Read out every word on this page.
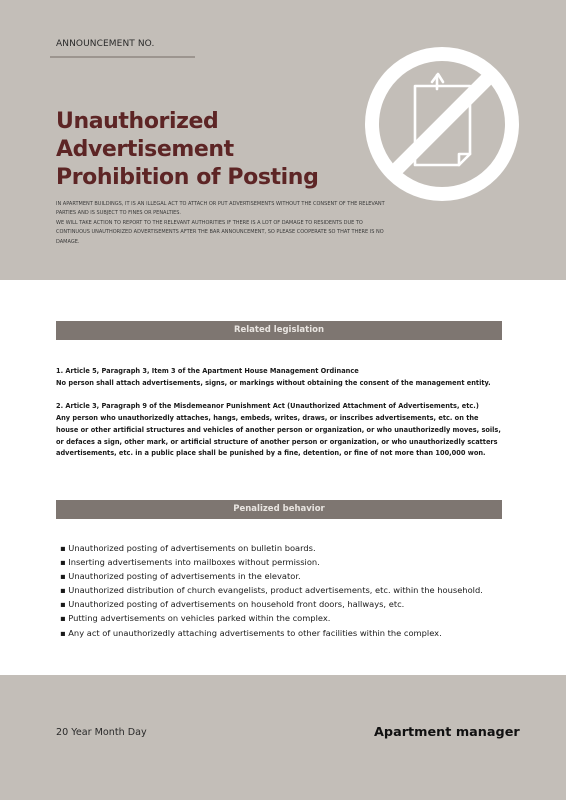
ANNOUNCEMENT NO.
Unauthorized Advertisement
Prohibition of Posting

IN APARTMENT BUILDINGS, IT IS AN ILLEGAL ACT TO ATTACH OR PUT ADVERTISEMENTS WITHOUT THE CONSENT OF THE RELEVANT PARTIES AND IS SUBJECT TO FINES OR PENALTIES.

WE WILL TAKE ACTION TO REPORT TO THE RELEVANT AUTHORITIES IF THERE IS A LOT OF DAMAGE TO RESIDENTS DUE TO CONTINUOUS UNAUTHORIZED ADVERTISEMENTS AFTER THE BAR ANNOUNCEMENT, SO PLEASE COOPERATE SO THAT THERE IS NO DAMAGE.

Related legislation

1. Article 5, Paragraph 3, Item 3 of the Apartment House Management Ordinance
No person shall attach advertisements, signs, or markings without obtaining the consent of the management entity.

2. Article 3, Paragraph 9 of the Misdemeanor Punishment Act (Unauthorized Attachment of Advertisements, etc.)
Any person who unauthorizedly attaches, hangs, embeds, writes, draws, or inscribes advertisements, etc. on the house or other artificial structures and vehicles of another person or organization, or who unauthorizedly moves, soils, or defaces a sign, other mark, or artificial structure of another person or organization, or who unauthorizedly scatters advertisements, etc. in a public place shall be punished by a fine, detention, or fine of not more than 100,000 won.

Penalized behavior
▪ Unauthorized posting of advertisements on bulletin boards.
▪ Inserting advertisements into mailboxes without permission.
▪ Unauthorized posting of advertisements in the elevator.
▪ Unauthorized distribution of church evangelists, product advertisements, etc. within the household.
▪ Unauthorized posting of advertisements on household front doors, hallways, etc.
▪ Putting advertisements on vehicles parked within the complex.
▪ Any act of unauthorizedly attaching advertisements to other facilities within the complex.
20 Year Month Day	Apartment manager
